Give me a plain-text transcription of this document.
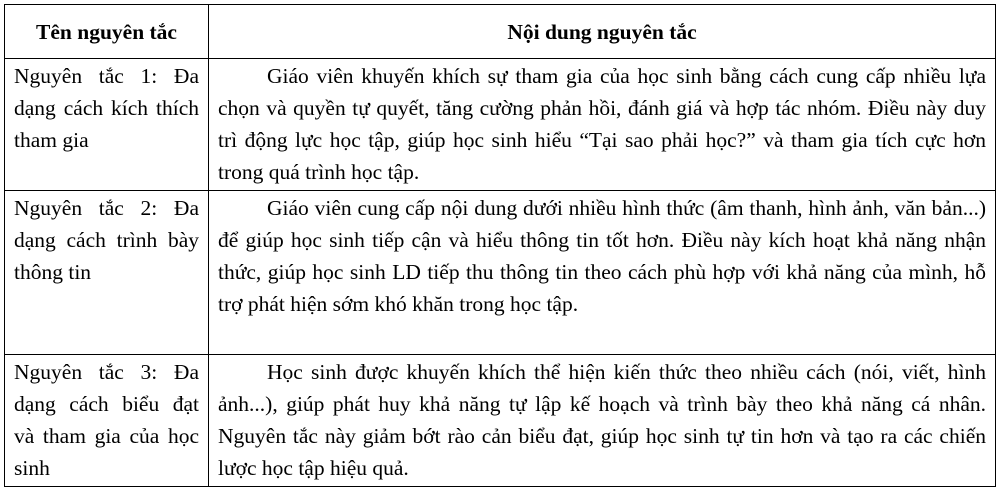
Tên nguyên tắc	Nội dung nguyên tắc
Nguyên tắc 1: Đa dạng cách kích thích tham gia	Giáo viên khuyến khích sự tham gia của học sinh bằng cách cung cấp nhiều lựa chọn và quyền tự quyết, tăng cường phản hồi, đánh giá và hợp tác nhóm. Điều này duy trì động lực học tập, giúp học sinh hiểu “Tại sao phải học?” và tham gia tích cực hơn trong quá trình học tập.
Nguyên tắc 2: Đa dạng cách trình bày thông tin	Giáo viên cung cấp nội dung dưới nhiều hình thức (âm thanh, hình ảnh, văn bản...) để giúp học sinh tiếp cận và hiểu thông tin tốt hơn. Điều này kích hoạt khả năng nhận thức, giúp học sinh LD tiếp thu thông tin theo cách phù hợp với khả năng của mình, hỗ trợ phát hiện sớm khó khăn trong học tập.
Nguyên tắc 3: Đa dạng cách biểu đạt và tham gia của học sinh	Học sinh được khuyến khích thể hiện kiến thức theo nhiều cách (nói, viết, hình ảnh...), giúp phát huy khả năng tự lập kế hoạch và trình bày theo khả năng cá nhân. Nguyên tắc này giảm bớt rào cản biểu đạt, giúp học sinh tự tin hơn và tạo ra các chiến lược học tập hiệu quả.
